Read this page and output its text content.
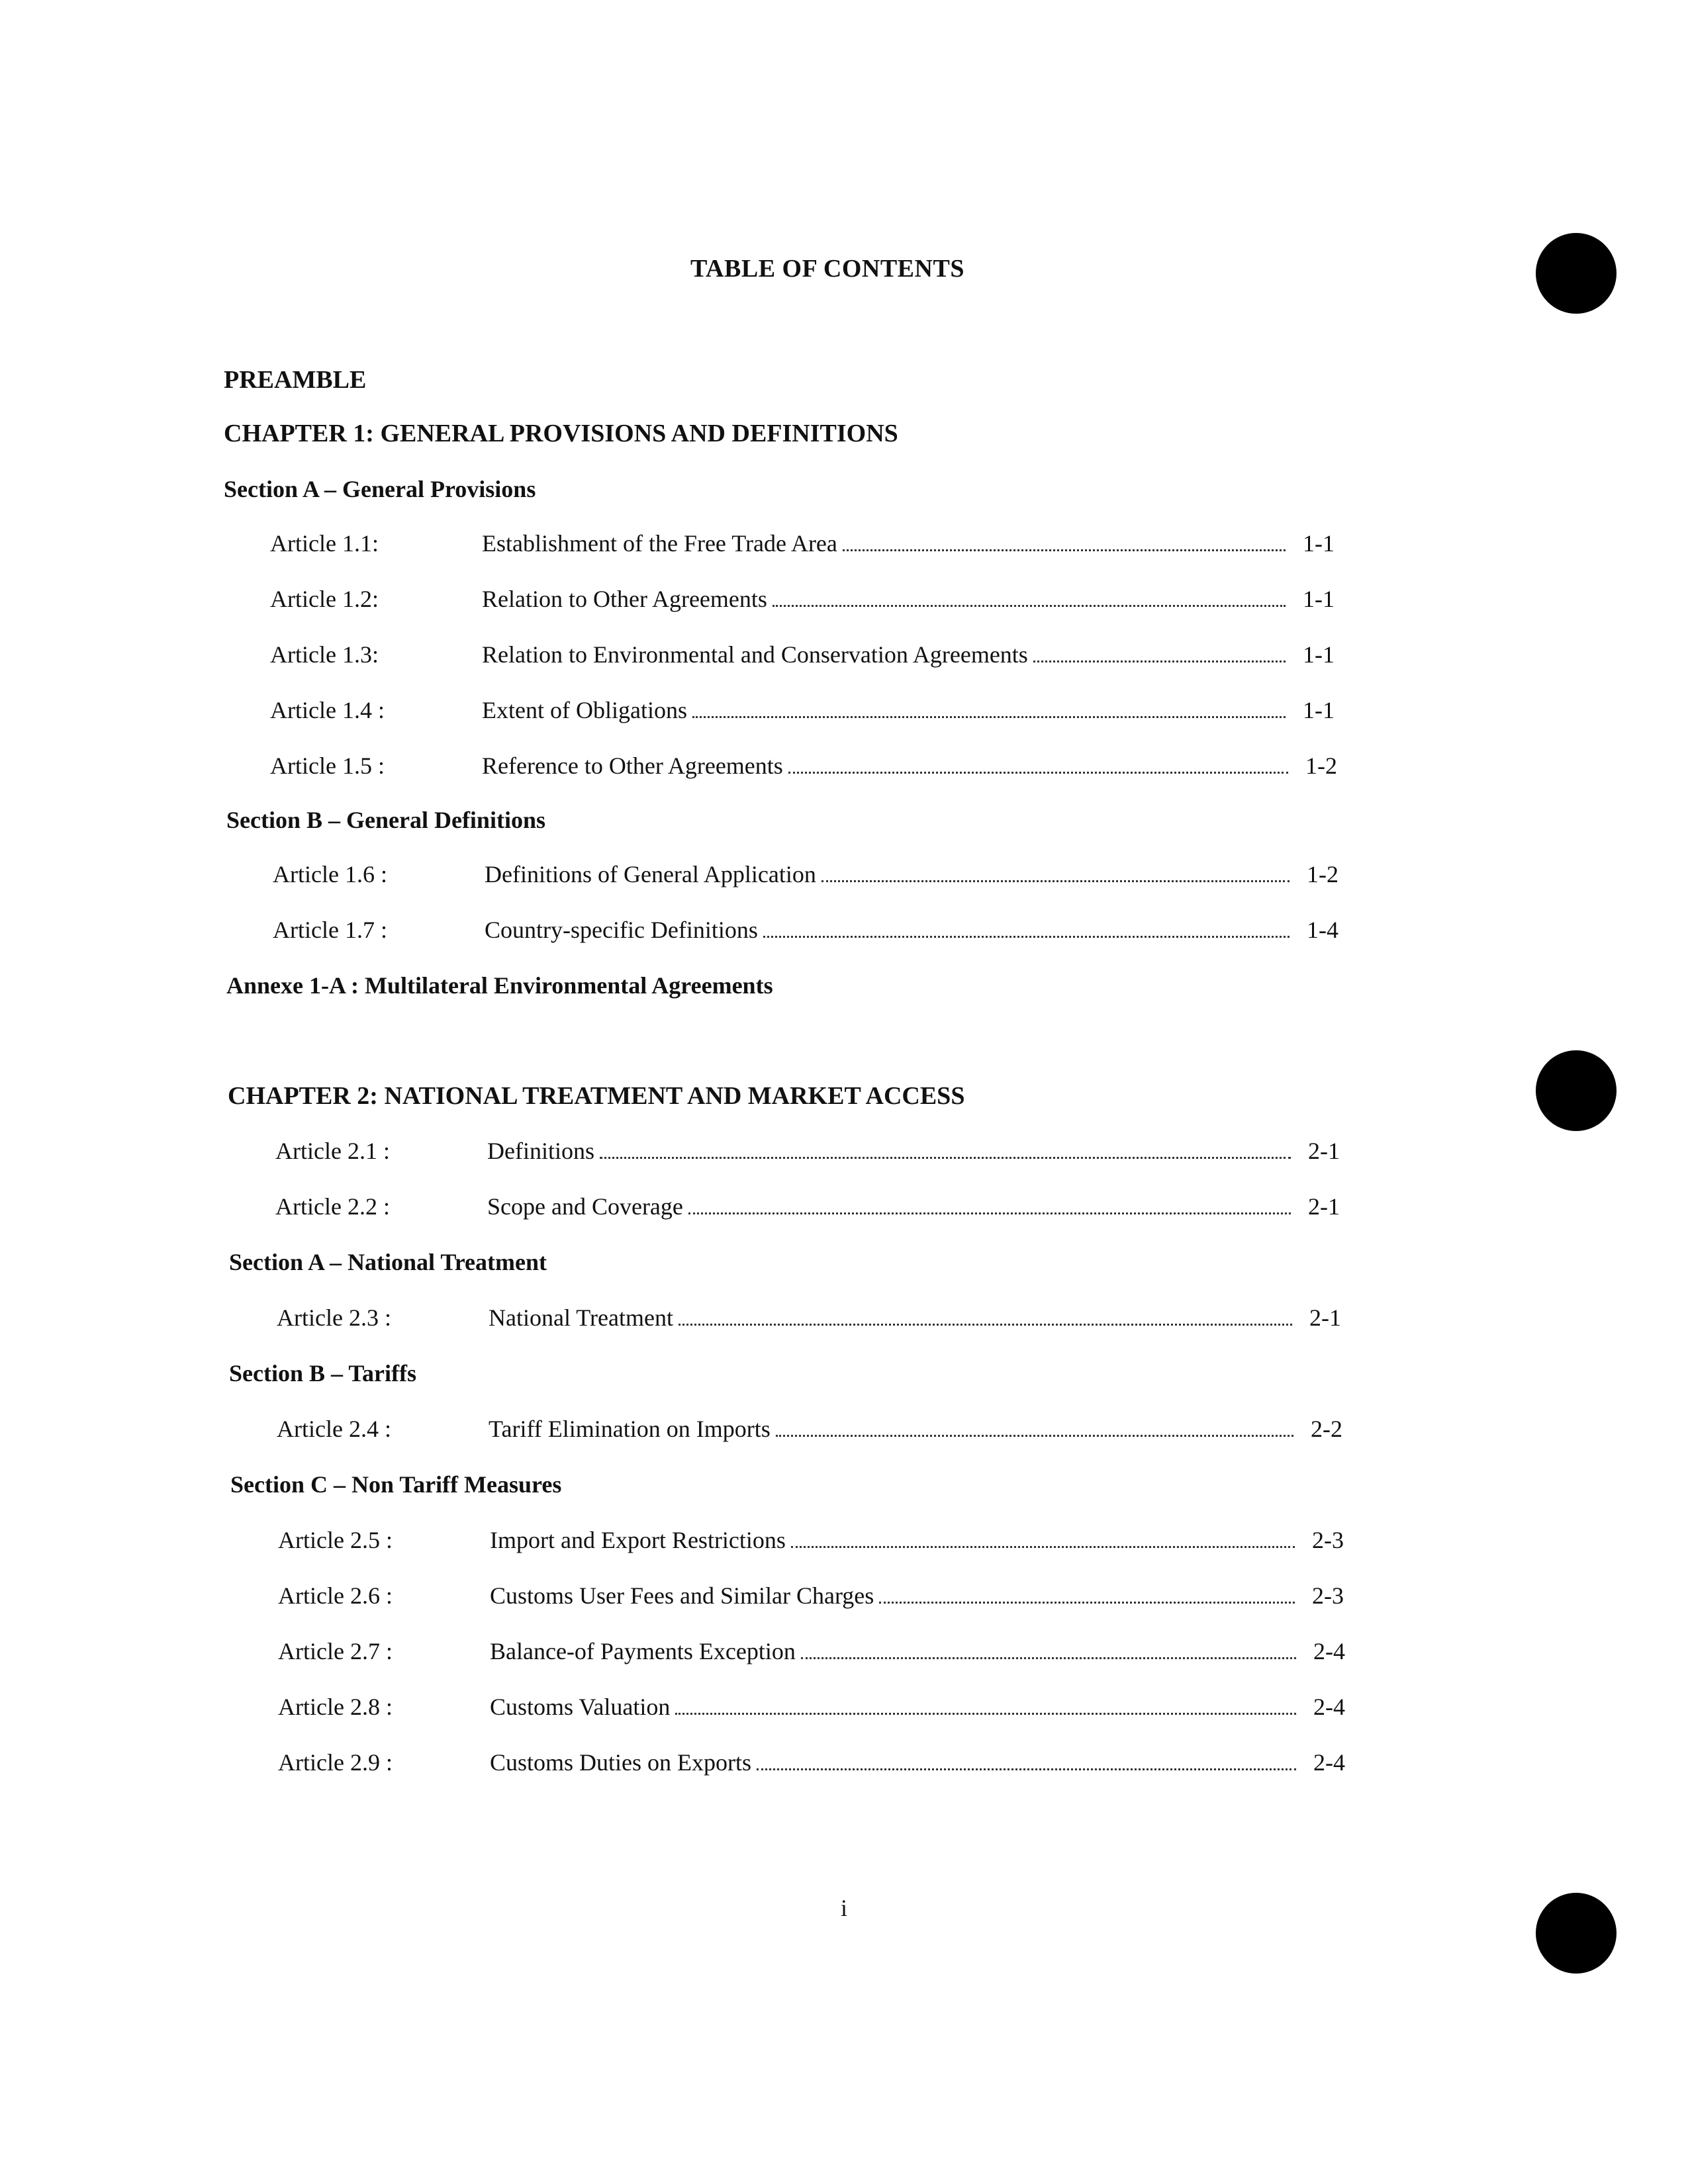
TABLE OF CONTENTS
PREAMBLE
CHAPTER 1: GENERAL PROVISIONS AND DEFINITIONS
Section A – General Provisions
Article 1.1:	Establishment of the Free Trade Area	1-1
Article 1.2:	Relation to Other Agreements	1-1
Article 1.3:	Relation to Environmental and Conservation Agreements	1-1
Article 1.4 :	Extent of Obligations	1-1
Article 1.5 :	Reference to Other Agreements	1-2
Section B – General Definitions
Article 1.6 :	Definitions of General Application	1-2
Article 1.7 :	Country-specific Definitions	1-4
Annexe 1-A : Multilateral Environmental Agreements
CHAPTER 2: NATIONAL TREATMENT AND MARKET ACCESS
Article 2.1 :	Definitions	2-1
Article 2.2 :	Scope and Coverage	2-1
Section A – National Treatment
Article 2.3 :	National Treatment	2-1
Section B – Tariffs
Article 2.4 :	Tariff Elimination on Imports	2-2
Section C – Non Tariff Measures
Article 2.5 :	Import and Export Restrictions	2-3
Article 2.6 :	Customs User Fees and Similar Charges	2-3
Article 2.7 :	Balance-of Payments Exception	2-4
Article 2.8 :	Customs Valuation	2-4
Article 2.9 :	Customs Duties on Exports	2-4
i
